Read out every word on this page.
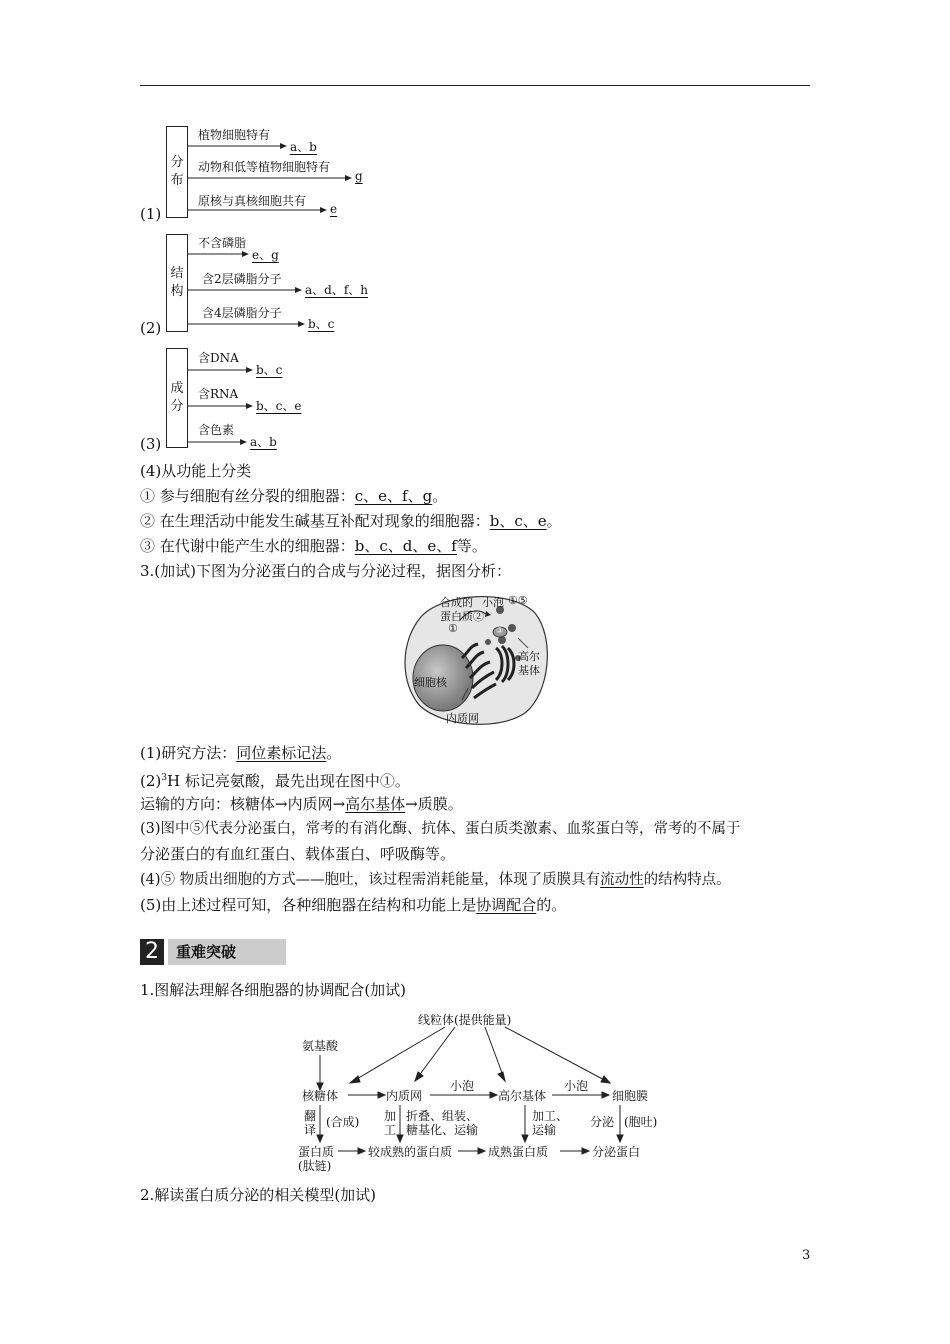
(1)
分
布
植物细胞特有
a、b
动物和低等植物细胞特有
g
原核与真核细胞共有
e
(2)
结
构
不含磷脂
e、g
含2层磷脂分子
a、d、f、h
含4层磷脂分子
b、c
(3)
成
分
含DNA
b、c
含RNA
b、c、e
含色素
a、b
(4)从功能上分类
① 参与细胞有丝分裂的细胞器：c、e、f、g。
② 在生理活动中能发生碱基互补配对现象的细胞器：b、c、e。
③ 在代谢中能产生水的细胞器：b、c、d、e、f等。
3.(加试)下图为分泌蛋白的合成与分泌过程，据图分析：
合成的
蛋白质②
①
小泡 ①⑤
③
高尔
基体
细胞核
内质网
(1)研究方法：同位素标记法。
$(2)^3H$ 标记亮氨酸，最先出现在图中①。
运输的方向：核糖体→内质网→高尔基体→质膜。
(3)图中⑤代表分泌蛋白，常考的有消化酶、抗体、蛋白质类激素、血浆蛋白等，常考的不属于
分泌蛋白的有血红蛋白、载体蛋白、呼吸酶等。
(4)⑤ 物质出细胞的方式——胞吐，该过程需消耗能量，体现了质膜具有流动性的结构特点。
(5)由上述过程可知，各种细胞器在结构和功能上是协调配合的。
2	重难突破
1.图解法理解各细胞器的协调配合(加试)
线粒体(提供能量)
氨基酸
核糖体	内质网
小泡
高尔基体
小泡
细胞膜
翻
译
(合成) 加
工
折叠、组装、
糖基化、运输
加工、
运输
分泌 (胞吐)
蛋白质
(肽链)
较成熟的蛋白质	成熟蛋白质	分泌蛋白
2.解读蛋白质分泌的相关模型(加试)
3
